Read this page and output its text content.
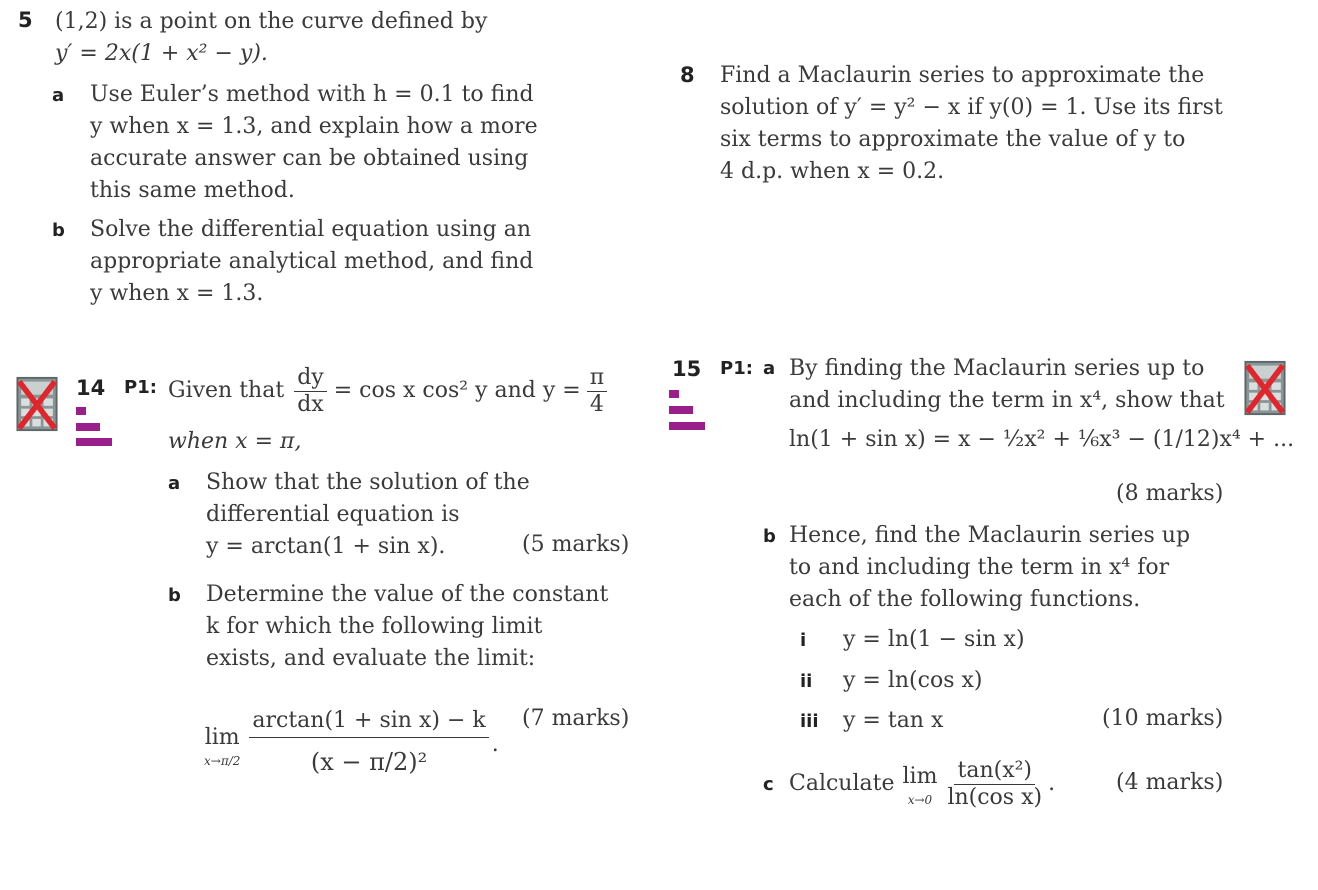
5 (1,2) is a point on the curve defined by
y′ = 2x(1 + x² − y).
a Use Euler’s method with h = 0.1 to find
y when x = 1.3, and explain how a more
accurate answer can be obtained using
this same method.
b Solve the differential equation using an
appropriate analytical method, and find
y when x = 1.3.
8 Find a Maclaurin series to approximate the
solution of y′ = y² − x if y(0) = 1. Use its first
six terms to approximate the value of y to
4 d.p. when x = 0.2.
14 P1: Given that $\frac{dy}{dx} = \cos x$ cos² y and $y = \frac{\pi}{4}$
when x = π,
a Show that the solution of the
differential equation is
y = arctan(1 + sin x).	(5 marks)
b Determine the value of the constant
k for which the following limit
exists, and evaluate the limit:
lim
$x\to\pi/2 \frac{\text{arctan(1 + sin x) − k}}{\text{(x − π/2)²}}$ .
(7 marks)
15 P1: a By finding the Maclaurin series up to
and including the term in x⁴, show that
ln(1 + sin x) = x − ½x² + ⅙x³ − (1/12)x⁴ + ...
(8 marks)
b Hence, find the Maclaurin series up
to and including the term in x⁴ for
each of the following functions.
i y = ln(1 − sin x)
ii y = ln(cos x)
iii y = tan x	(10 marks)
c Calculate lim
$x\to 0 \frac{\text{tan(x²)}}{\text{ln(cos x)}}$ .	(4 marks)
